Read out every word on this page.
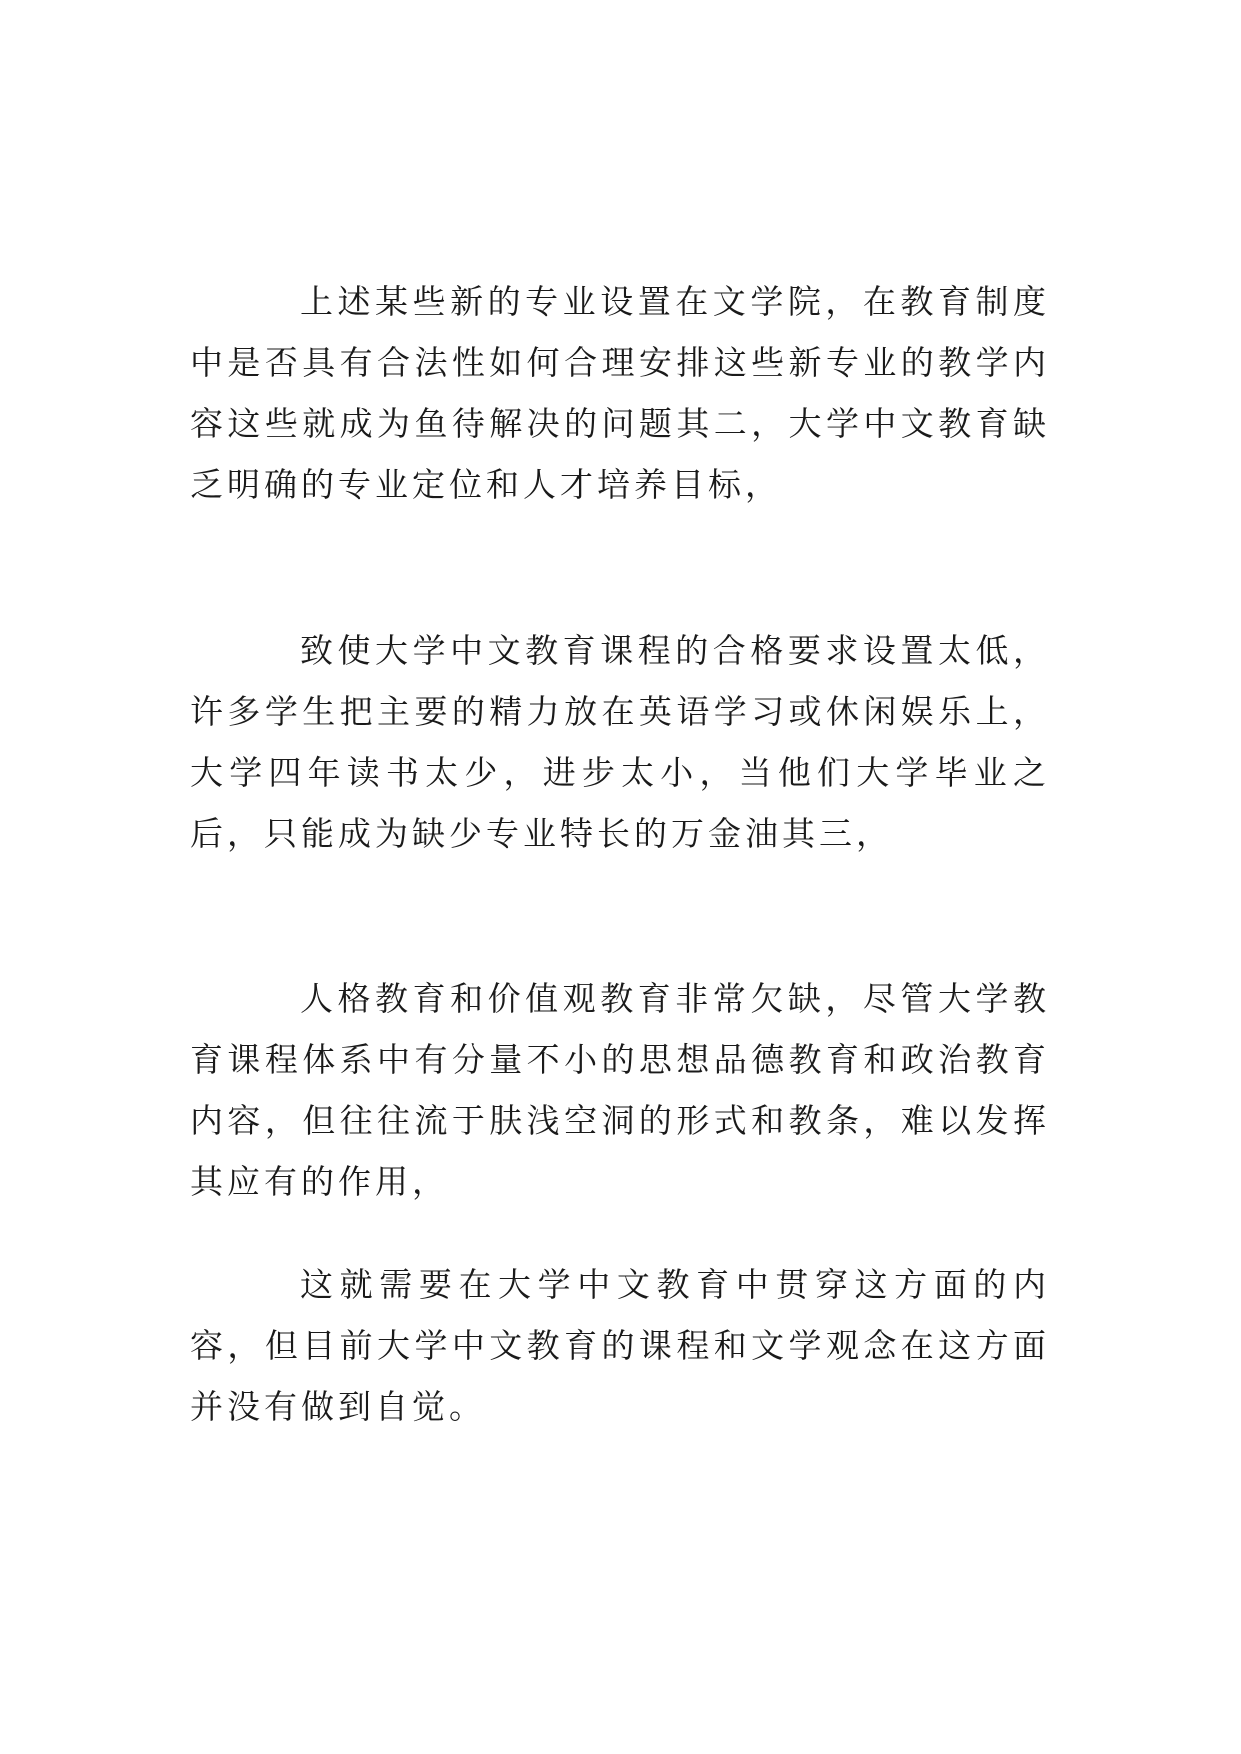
上述某些新的专业设置在文学院，在教育制度中是否具有合法性如何合理安排这些新专业的教学内容这些就成为鱼待解决的问题其二，大学中文教育缺乏明确的专业定位和人才培养目标，

致使大学中文教育课程的合格要求设置太低，许多学生把主要的精力放在英语学习或休闲娱乐上，大学四年读书太少，进步太小，当他们大学毕业之后，只能成为缺少专业特长的万金油其三，

人格教育和价值观教育非常欠缺，尽管大学教育课程体系中有分量不小的思想品德教育和政治教育内容，但往往流于肤浅空洞的形式和教条，难以发挥其应有的作用，

这就需要在大学中文教育中贯穿这方面的内容，但目前大学中文教育的课程和文学观念在这方面并没有做到自觉。
